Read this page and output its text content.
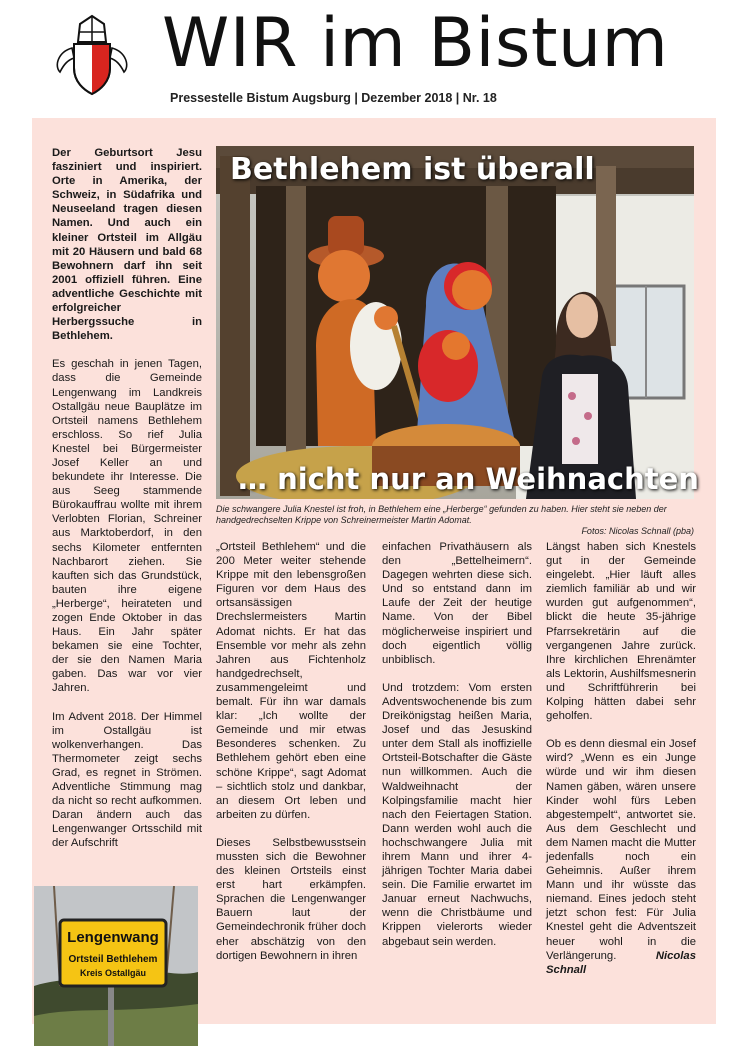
WIR im Bistum
Pressestelle Bistum Augsburg | Dezember 2018 | Nr. 18

Der Geburtsort Jesu fasziniert und inspiriert. Orte in Amerika, der Schweiz, in Südafrika und Neuseeland tragen diesen Namen. Und auch ein kleiner Ortsteil im Allgäu mit 20 Häusern und bald 68 Bewohnern darf ihn seit 2001 offiziell führen. Eine adventliche Geschichte mit erfolgreicher Herbergssuche in Bethlehem.

Es geschah in jenen Tagen, dass die Gemeinde Lengenwang im Landkreis Ostallgäu neue Bauplätze im Ortsteil namens Bethlehem erschloss. So rief Julia Knestel bei Bürgermeister Josef Keller an und bekundete ihr Interesse. Die aus Seeg stammende Bürokauffrau wollte mit ihrem Verlobten Florian, Schreiner aus Marktoberdorf, in den sechs Kilometer entfernten Nachbarort ziehen. Sie kauften sich das Grundstück, bauten ihre eigene „Herberge“, heirateten und zogen Ende Oktober in das Haus. Ein Jahr später bekamen sie eine Tochter, der sie den Namen Maria gaben. Das war vor vier Jahren.

Im Advent 2018. Der Himmel im Ostallgäu ist wolkenverhangen. Das Thermometer zeigt sechs Grad, es regnet in Strömen. Adventliche Stimmung mag da nicht so recht aufkommen. Daran ändern auch das Lengenwanger Ortsschild mit der Aufschrift

Bethlehem ist überall
… nicht nur an Weihnachten
Die schwangere Julia Knestel ist froh, in Bethlehem eine „Herberge“ gefunden zu haben. Hier steht sie neben der handgedrechselten Krippe von Schreinermeister Martin Adomat.
Fotos: Nicolas Schnall (pba)

„Ortsteil Bethlehem“ und die 200 Meter weiter stehende Krippe mit den lebensgroßen Figuren vor dem Haus des ortsansässigen Drechslermeisters Martin Adomat nichts. Er hat das Ensemble vor mehr als zehn Jahren aus Fichtenholz handgedrechselt, zusammengeleimt und bemalt. Für ihn war damals klar: „Ich wollte der Gemeinde und mir etwas Besonderes schenken. Zu Bethlehem gehört eben eine schöne Krippe“, sagt Adomat – sichtlich stolz und dankbar, an diesem Ort leben und arbeiten zu dürfen.

Dieses Selbstbewusstsein mussten sich die Bewohner des kleinen Ortsteils einst erst hart erkämpfen. Sprachen die Lengenwanger Bauern laut der Gemeindechronik früher doch eher abschätzig von den dortigen Bewohnern in ihren

einfachen Privathäusern als den „Bettelheimern“. Dagegen wehrten diese sich. Und so entstand dann im Laufe der Zeit der heutige Name. Von der Bibel möglicherweise inspiriert und doch eigentlich völlig unbiblisch.

Und trotzdem: Vom ersten Adventswochenende bis zum Dreikönigstag heißen Maria, Josef und das Jesuskind unter dem Stall als inoffizielle Ortsteil-Botschafter die Gäste nun willkommen. Auch die Waldweihnacht der Kolpingsfamilie macht hier nach den Feiertagen Station. Dann werden wohl auch die hochschwangere Julia mit ihrem Mann und ihrer 4-jährigen Tochter Maria dabei sein. Die Familie erwartet im Januar erneut Nachwuchs, wenn die Christbäume und Krippen vielerorts wieder abgebaut sein werden.

Längst haben sich Knestels gut in der Gemeinde eingelebt. „Hier läuft alles ziemlich familiär ab und wir wurden gut aufgenommen“, blickt die heute 35-jährige Pfarrsekretärin auf die vergangenen Jahre zurück. Ihre kirchlichen Ehrenämter als Lektorin, Aushilfsmesnerin und Schriftführerin bei Kolping hätten dabei sehr geholfen.

Ob es denn diesmal ein Josef wird? „Wenn es ein Junge würde und wir ihm diesen Namen gäben, wären unsere Kinder wohl fürs Leben abgestempelt“, antwortet sie. Aus dem Geschlecht und dem Namen macht die Mutter jedenfalls noch ein Geheimnis. Außer ihrem Mann und ihr wüsste das niemand. Eines jedoch steht jetzt schon fest: Für Julia Knestel geht die Adventszeit heuer wohl in die Verlängerung.	Nicolas Schnall

Lengenwang
Ortsteil Bethlehem
Kreis Ostallgäu
